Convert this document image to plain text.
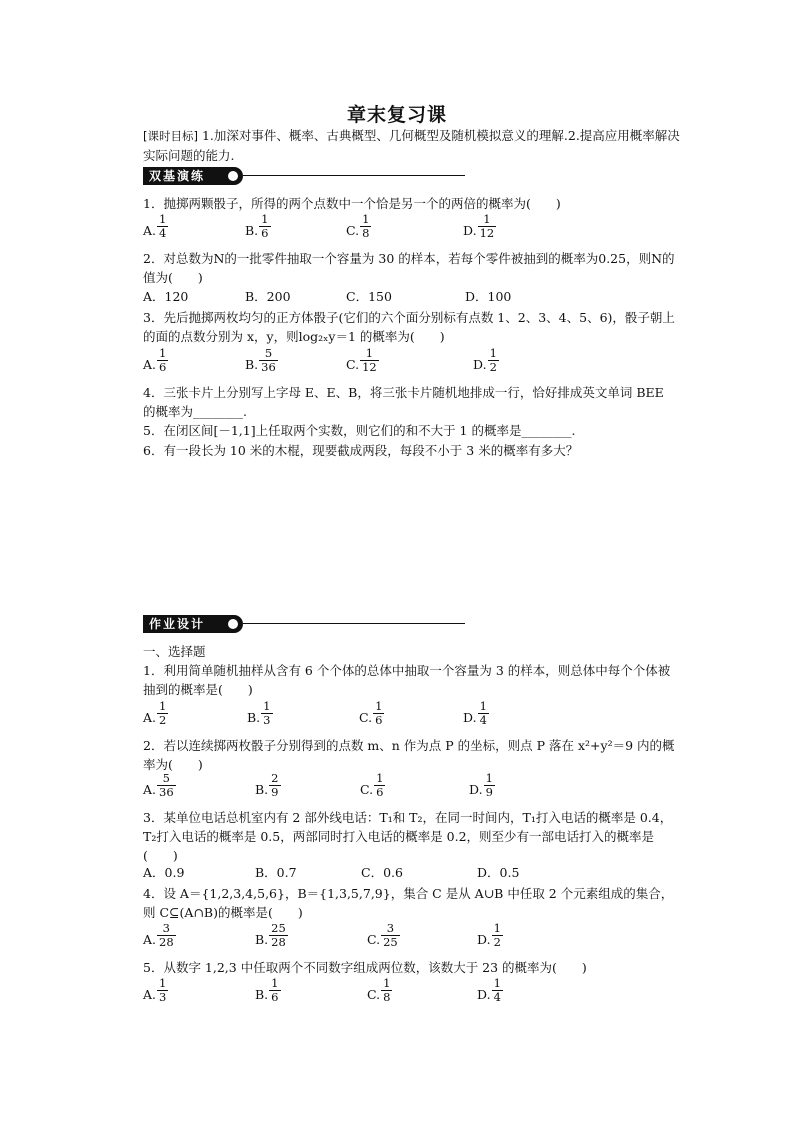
章末复习课
[课时目标] 1.加深对事件、概率、古典概型、几何概型及随机模拟意义的理解.2.提高应用概率解决实际问题的能力.
双基演练
1．抛掷两颗骰子，所得的两个点数中一个恰是另一个的两倍的概率为(　　)
A. $\frac{1}{4}$	B. $\frac{1}{6}$	C. $\frac{1}{8}$	D. $\frac{1}{12}$
2．对总数为N的一批零件抽取一个容量为 30 的样本，若每个零件被抽到的概率为0.25，则N的值为(　　)
A．120	B．200	C．150	D．100
3．先后抛掷两枚均匀的正方体骰子(它们的六个面分别标有点数 1、2、3、4、5、6)，骰子朝上的面的点数分别为 x，y，则log₂ₓy＝1 的概率为(　　)
A. $\frac{1}{6}$	B. $\frac{5}{36}$	C. $\frac{1}{12}$	D. $\frac{1}{2}$
4．三张卡片上分别写上字母 E、E、B，将三张卡片随机地排成一行，恰好排成英文单词 BEE 的概率为________.
5．在闭区间[－1,1]上任取两个实数，则它们的和不大于 1 的概率是________.
6．有一段长为 10 米的木棍，现要截成两段，每段不小于 3 米的概率有多大？
作业设计
一、选择题
1．利用简单随机抽样从含有 6 个个体的总体中抽取一个容量为 3 的样本，则总体中每个个体被抽到的概率是(　　)
A. $\frac{1}{2}$	B. $\frac{1}{3}$	C. $\frac{1}{6}$	D. $\frac{1}{4}$
2．若以连续掷两枚骰子分别得到的点数 m、n 作为点 P 的坐标，则点 P 落在 x²+y²＝9 内的概率为(　　)
A. $\frac{5}{36}$	B. $\frac{2}{9}$	C. $\frac{1}{6}$	D. $\frac{1}{9}$
3．某单位电话总机室内有 2 部外线电话：T₁和 T₂，在同一时间内，T₁打入电话的概率是 0.4，T₂打入电话的概率是 0.5，两部同时打入电话的概率是 0.2，则至少有一部电话打入的概率是(　　)
A．0.9	B．0.7	C．0.6	D．0.5
4．设 A＝{1,2,3,4,5,6}，B＝{1,3,5,7,9}，集合 C 是从 A∪B 中任取 2 个元素组成的集合，则 C⊆(A∩B)的概率是(　　)
A. $\frac{3}{28}$	B. $\frac{25}{28}$	C. $\frac{3}{25}$	D. $\frac{1}{2}$
5．从数字 1,2,3 中任取两个不同数字组成两位数，该数大于 23 的概率为(　　)
A. $\frac{1}{3}$	B. $\frac{1}{6}$	C. $\frac{1}{8}$	D. $\frac{1}{4}$
